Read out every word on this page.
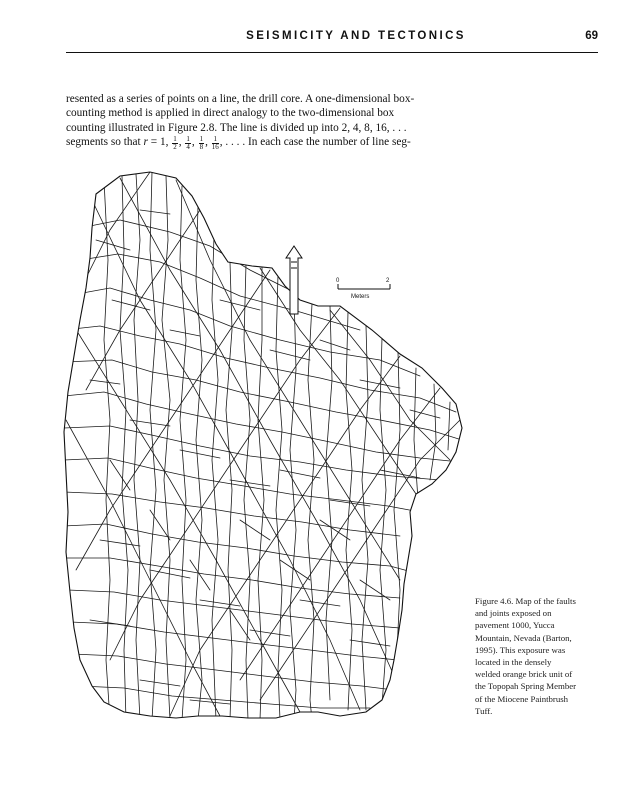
SEISMICITY AND TECTONICS	69
resented as a series of points on a line, the drill core. A one-dimensional box-
counting method is applied in direct analogy to the two-dimensional box
counting illustrated in Figure 2.8. The line is divided up into 2, 4, 8, 16, . . .
segments so that r = 1, $\frac{1}{2}$ , $\frac{1}{4}$ , $\frac{1}{8}$ , $\frac{1}{16}$ , . . . . In each case the number of line seg-
0	2
Meters
Figure 4.6. Map of the faults
and joints exposed on
pavement 1000, Yucca
Mountain, Nevada (Barton,
1995). This exposure was
located in the densely
welded orange brick unit of
the Topopah Spring Member
of the Miocene Paintbrush
Tuff.
